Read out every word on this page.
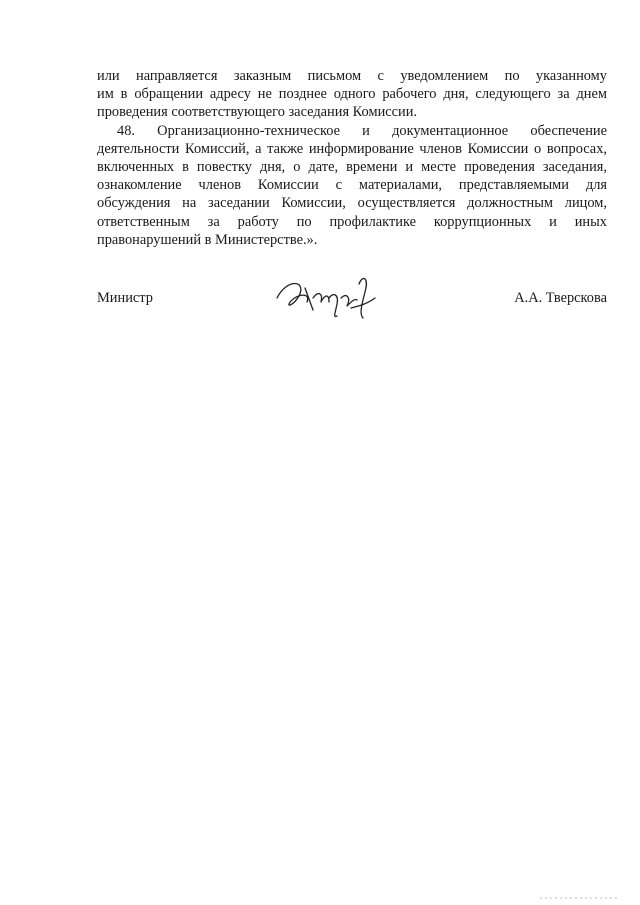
или направляется заказным письмом с уведомлением по указанному
им в обращении адресу не позднее одного рабочего дня, следующего за днем
проведения соответствующего заседания Комиссии.

48. Организационно-техническое и документационное обеспечение
деятельности Комиссий, а также информирование членов Комиссии о вопросах,
включенных в повестку дня, о дате, времени и месте проведения заседания,
ознакомление членов Комиссии с материалами, представляемыми для
обсуждения на заседании Комиссии, осуществляется должностным лицом,
ответственным за работу по профилактике коррупционных и иных
правонарушений в Министерстве.».

Министр	А.А. Тверскова
